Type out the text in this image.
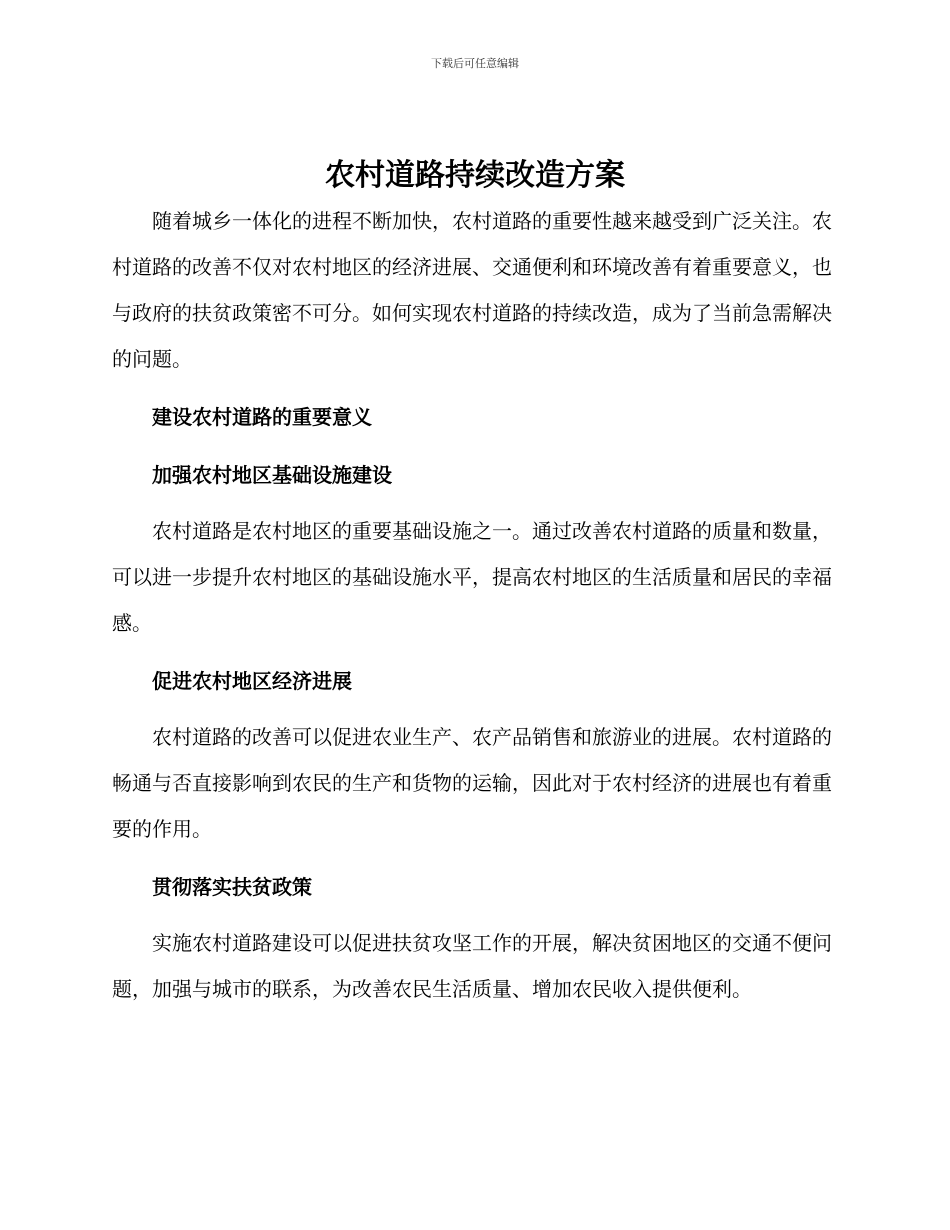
下载后可任意编辑
农村道路持续改造方案

随着城乡一体化的进程不断加快，农村道路的重要性越来越受到广泛关注。农村道路的改善不仅对农村地区的经济进展、交通便利和环境改善有着重要意义，也与政府的扶贫政策密不可分。如何实现农村道路的持续改造，成为了当前急需解决的问题。

建设农村道路的重要意义

加强农村地区基础设施建设

农村道路是农村地区的重要基础设施之一。通过改善农村道路的质量和数量，可以进一步提升农村地区的基础设施水平，提高农村地区的生活质量和居民的幸福感。

促进农村地区经济进展

农村道路的改善可以促进农业生产、农产品销售和旅游业的进展。农村道路的畅通与否直接影响到农民的生产和货物的运输，因此对于农村经济的进展也有着重要的作用。

贯彻落实扶贫政策

实施农村道路建设可以促进扶贫攻坚工作的开展，解决贫困地区的交通不便问题，加强与城市的联系，为改善农民生活质量、增加农民收入提供便利。
